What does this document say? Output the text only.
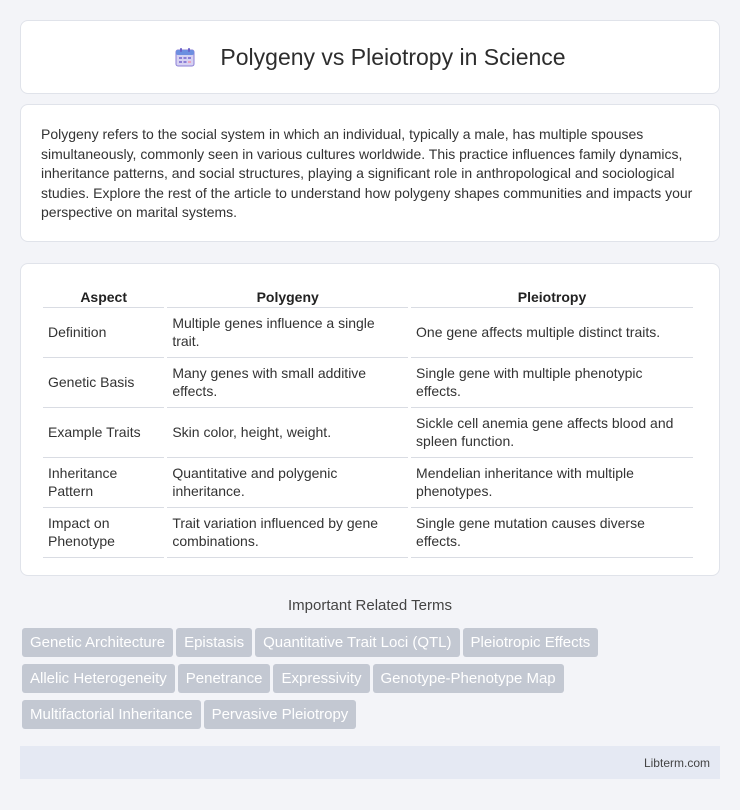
Polygeny vs Pleiotropy in Science

Polygeny refers to the social system in which an individual, typically a male, has multiple spouses simultaneously, commonly seen in various cultures worldwide. This practice influences family dynamics, inheritance patterns, and social structures, playing a significant role in anthropological and sociological studies. Explore the rest of the article to understand how polygeny shapes communities and impacts your perspective on marital systems.

Aspect	Polygeny	Pleiotropy
Definition	Multiple genes influence a single trait.	One gene affects multiple distinct traits.
Genetic Basis	Many genes with small additive effects.	Single gene with multiple phenotypic effects.
Example Traits	Skin color, height, weight.	Sickle cell anemia gene affects blood and spleen function.
Inheritance Pattern	Quantitative and polygenic inheritance.	Mendelian inheritance with multiple phenotypes.
Impact on Phenotype	Trait variation influenced by gene combinations.	Single gene mutation causes diverse effects.
Important Related Terms
Genetic Architecture Epistasis Quantitative Trait Loci (QTL) Pleiotropic Effects
Allelic Heterogeneity Penetrance Expressivity Genotype-Phenotype Map
Multifactorial Inheritance Pervasive Pleiotropy
Libterm.com
